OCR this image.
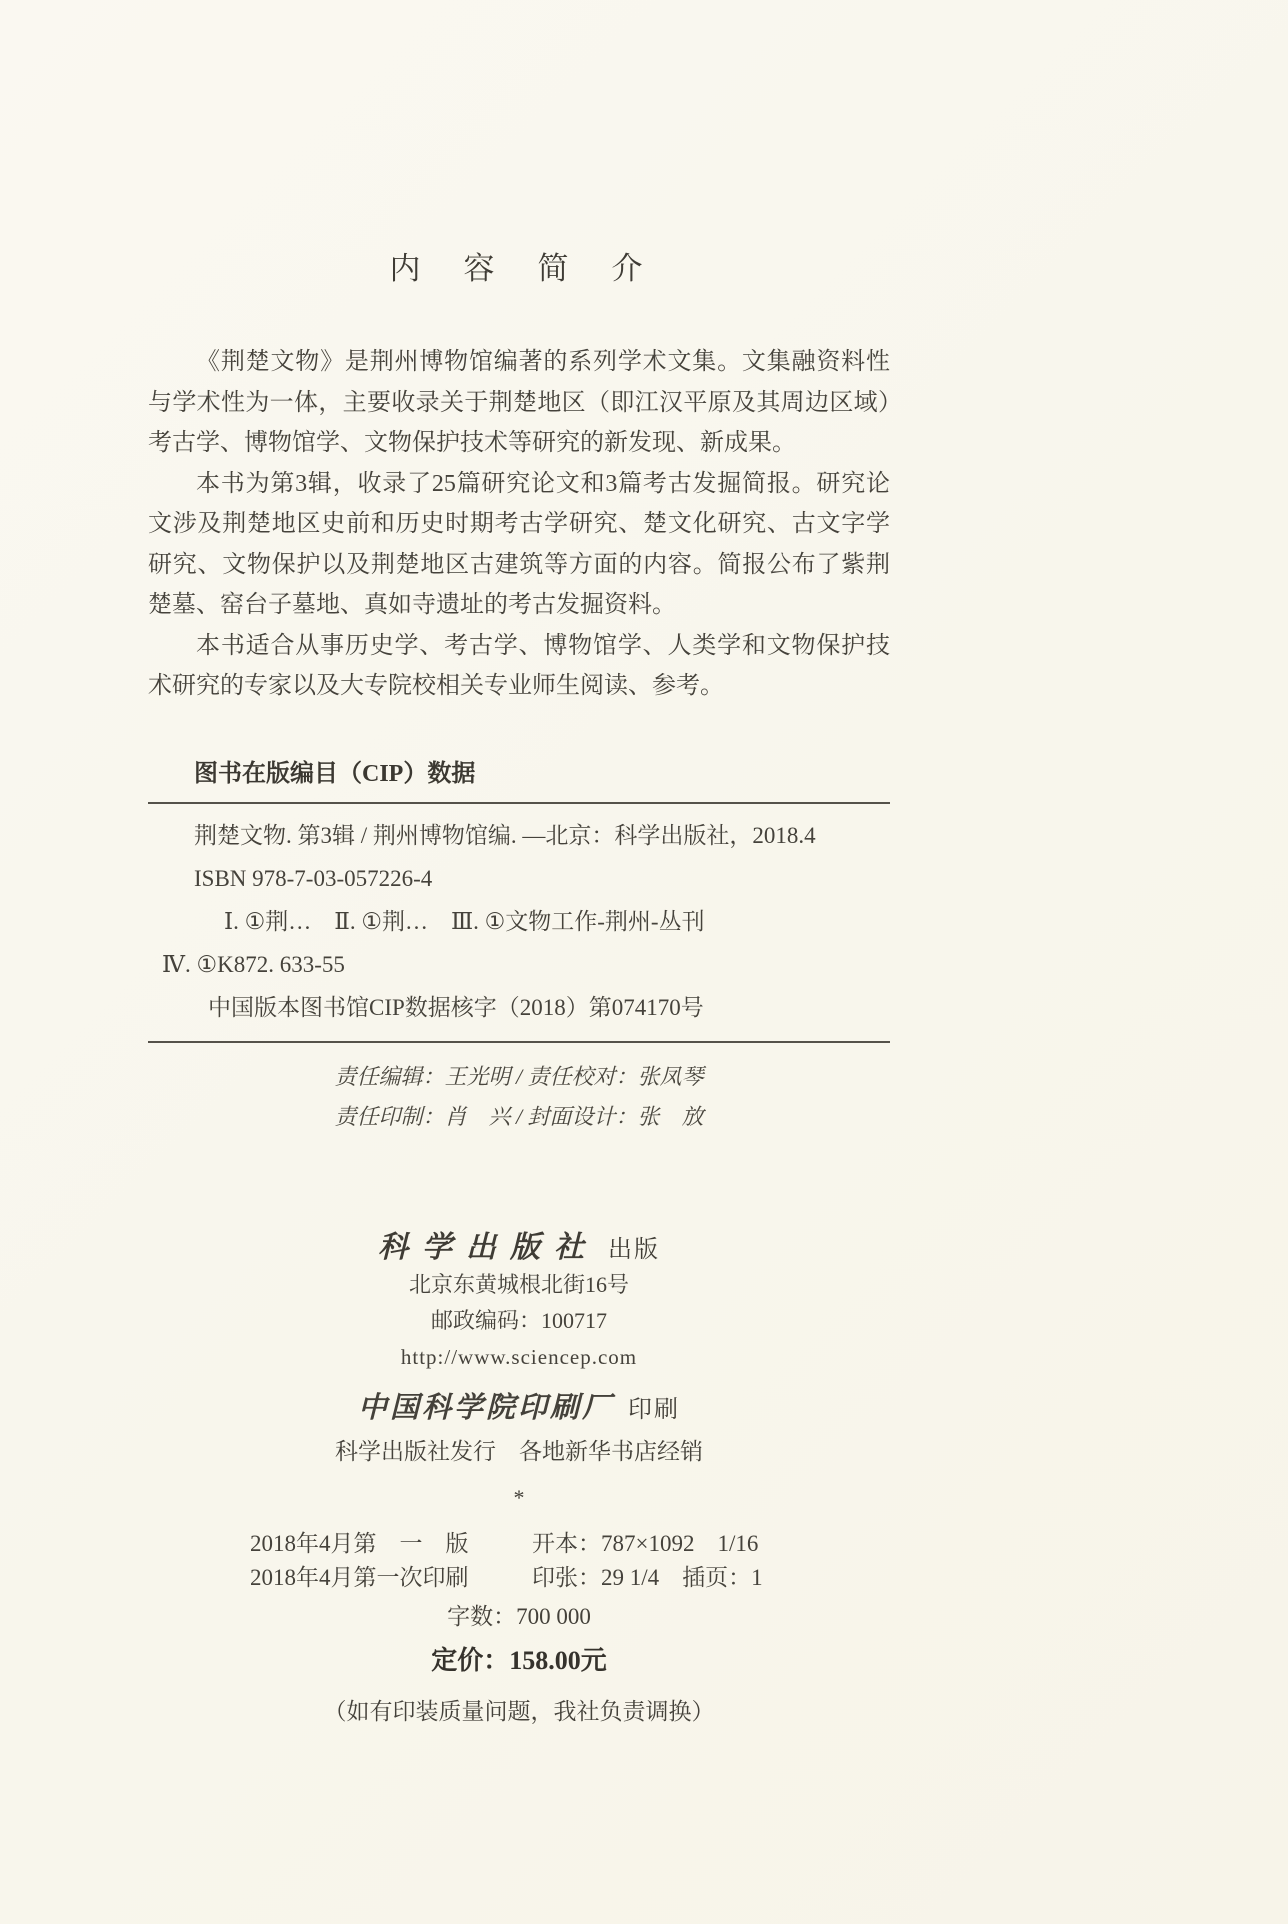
内　容　简　介

《荆楚文物》是荆州博物馆编著的系列学术文集。文集融资料性与学术性为一体，主要收录关于荆楚地区（即江汉平原及其周边区域）考古学、博物馆学、文物保护技术等研究的新发现、新成果。

本书为第3辑，收录了25篇研究论文和3篇考古发掘简报。研究论文涉及荆楚地区史前和历史时期考古学研究、楚文化研究、古文字学研究、文物保护以及荆楚地区古建筑等方面的内容。简报公布了紫荆楚墓、窑台子墓地、真如寺遗址的考古发掘资料。

本书适合从事历史学、考古学、博物馆学、人类学和文物保护技术研究的专家以及大专院校相关专业师生阅读、参考。

图书在版编目（CIP）数据
荆楚文物. 第3辑 / 荆州博物馆编. —北京：科学出版社，2018.4
ISBN 978-7-03-057226-4
Ⅰ. ①荆…　Ⅱ. ①荆…　Ⅲ. ①文物工作-荆州-丛刊
Ⅳ. ①K872. 633-55
中国版本图书馆CIP数据核字（2018）第074170号
责任编辑：王光明 / 责任校对：张凤琴
责任印制：肖　兴 / 封面设计：张　放
科学出版社 出版
北京东黄城根北街16号
邮政编码：100717
http://www.sciencep.com
中国科学院印刷厂 印刷
科学出版社发行　各地新华书店经销
*
2018年4月第　一　版	开本：787×1092　1/16
2018年4月第一次印刷	印张：29 1/4　插页：1
字数：700 000
定价：158.00元
（如有印装质量问题，我社负责调换）
